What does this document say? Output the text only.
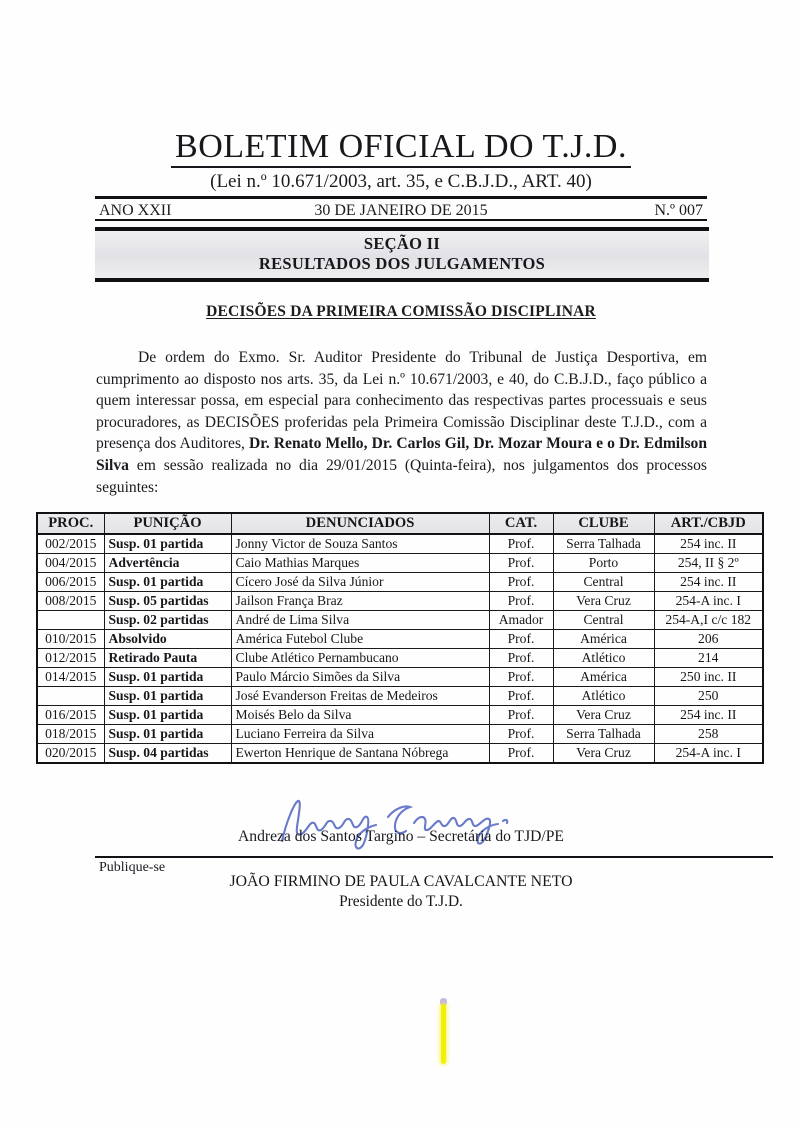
BOLETIM OFICIAL DO T.J.D.
(Lei n.º 10.671/2003, art. 35, e C.B.J.D., ART. 40)
ANO XXII	30 DE JANEIRO DE 2015	N.º 007
SEÇÃO II
RESULTADOS DOS JULGAMENTOS
DECISÕES DA PRIMEIRA COMISSÃO DISCIPLINAR

De ordem do Exmo. Sr. Auditor Presidente do Tribunal de Justiça Desportiva, em cumprimento ao disposto nos arts. 35, da Lei n.º 10.671/2003, e 40, do C.B.J.D., faço público a quem interessar possa, em especial para conhecimento das respectivas partes processuais e seus procuradores, as DECISÕES proferidas pela Primeira Comissão Disciplinar deste T.J.D., com a presença dos Auditores, Dr. Renato Mello, Dr. Carlos Gil, Dr. Mozar Moura e o Dr. Edmilson Silva em sessão realizada no dia 29/01/2015 (Quinta-feira), nos julgamentos dos processos seguintes:

PROC.	PUNIÇÃO	DENUNCIADOS	CAT.	CLUBE	ART./CBJD
002/2015	Susp. 01 partida	Jonny Victor de Souza Santos	Prof.	Serra Talhada	254 inc. II
004/2015	Advertência	Caio Mathias Marques	Prof.	Porto	254, II § 2º
006/2015	Susp. 01 partida	Cícero José da Silva Júnior	Prof.	Central	254 inc. II
008/2015	Susp. 05 partidas	Jailson França Braz	Prof.	Vera Cruz	254-A inc. I
	Susp. 02 partidas	André de Lima Silva	Amador	Central	254-A,I c/c 182
010/2015	Absolvido	América Futebol Clube	Prof.	América	206
012/2015	Retirado Pauta	Clube Atlético Pernambucano	Prof.	Atlético	214
014/2015	Susp. 01 partida	Paulo Márcio Simões da Silva	Prof.	América	250 inc. II
	Susp. 01 partida	José Evanderson Freitas de Medeiros	Prof.	Atlético	250
016/2015	Susp. 01 partida	Moisés Belo da Silva	Prof.	Vera Cruz	254 inc. II
018/2015	Susp. 01 partida	Luciano Ferreira da Silva	Prof.	Serra Talhada	258
020/2015	Susp. 04 partidas	Ewerton Henrique de Santana Nóbrega	Prof.	Vera Cruz	254-A inc. I
Andreza dos Santos Targino – Secretária do TJD/PE
Publique-se
JOÃO FIRMINO DE PAULA CAVALCANTE NETO
Presidente do T.J.D.
